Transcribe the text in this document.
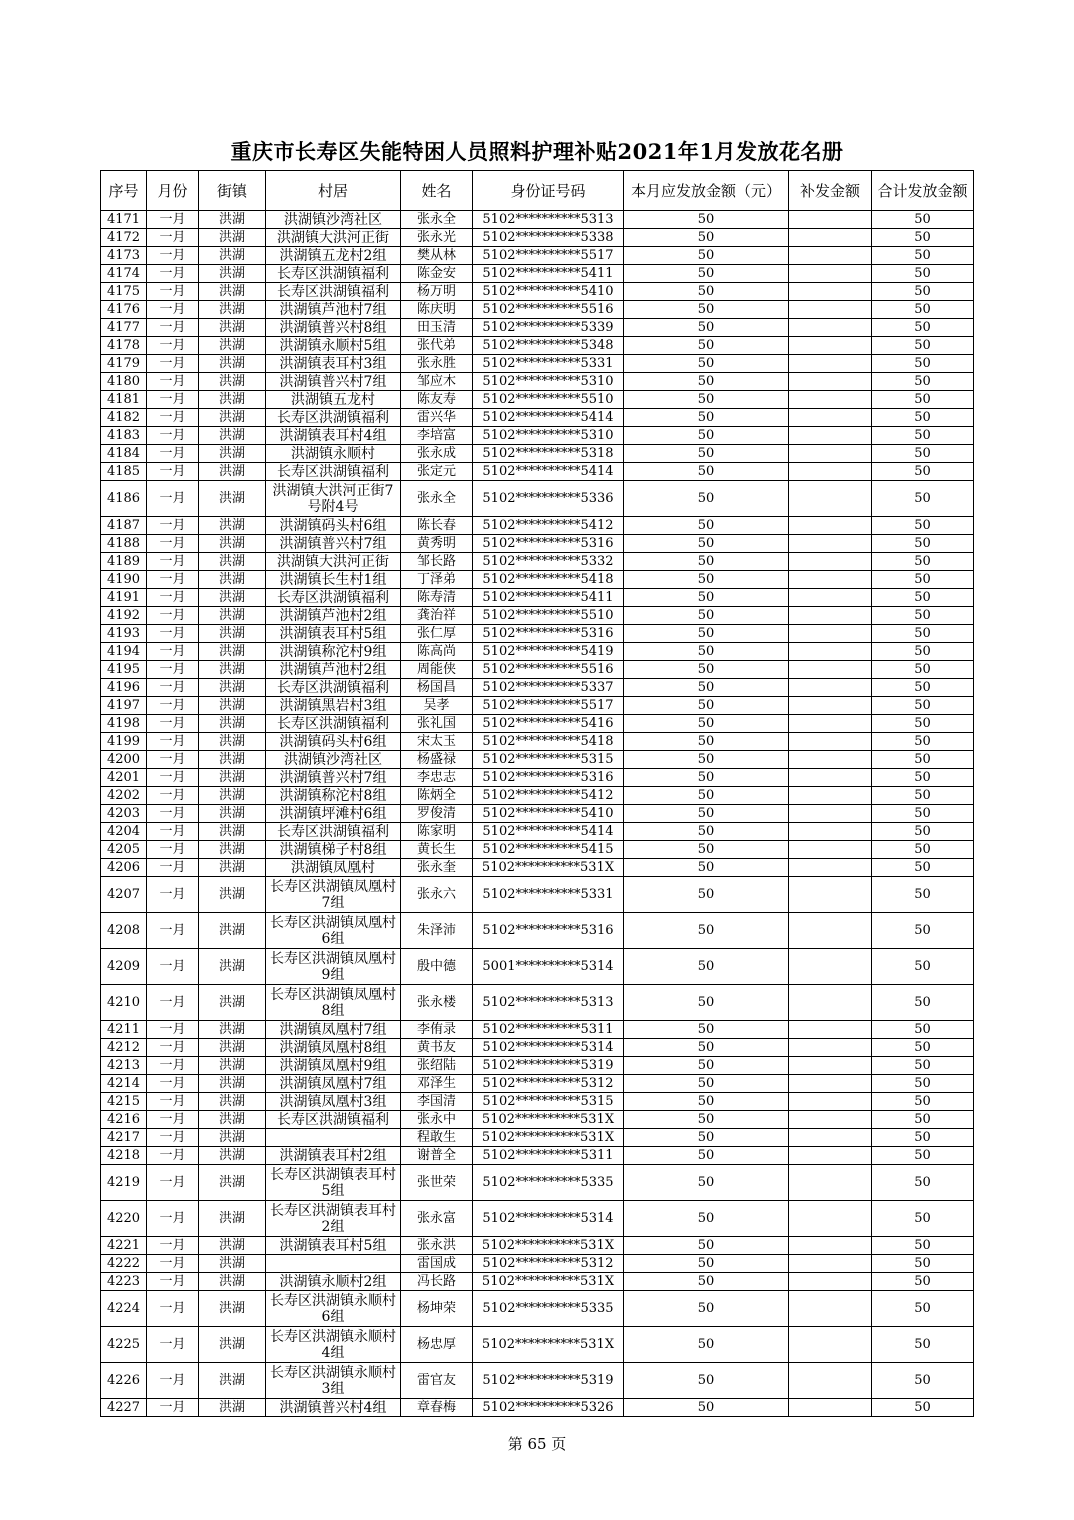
重庆市长寿区失能特困人员照料护理补贴2021年1月发放花名册
序号	月份	街镇	村居	姓名	身份证号码	本月应发放金额（元）	补发金额	合计发放金额
4171	一月	洪湖	洪湖镇沙湾社区	张永全	5102**********5313	50		50
4172	一月	洪湖	洪湖镇大洪河正街	张永光	5102**********5338	50		50
4173	一月	洪湖	洪湖镇五龙村2组	樊从林	5102**********5517	50		50
4174	一月	洪湖	长寿区洪湖镇福利	陈金安	5102**********5411	50		50
4175	一月	洪湖	长寿区洪湖镇福利	杨万明	5102**********5410	50		50
4176	一月	洪湖	洪湖镇芦池村7组	陈庆明	5102**********5516	50		50
4177	一月	洪湖	洪湖镇普兴村8组	田玉清	5102**********5339	50		50
4178	一月	洪湖	洪湖镇永顺村5组	张代弟	5102**********5348	50		50
4179	一月	洪湖	洪湖镇表耳村3组	张永胜	5102**********5331	50		50
4180	一月	洪湖	洪湖镇普兴村7组	邹应木	5102**********5310	50		50
4181	一月	洪湖	洪湖镇五龙村	陈友寿	5102**********5510	50		50
4182	一月	洪湖	长寿区洪湖镇福利	雷兴华	5102**********5414	50		50
4183	一月	洪湖	洪湖镇表耳村4组	李培富	5102**********5310	50		50
4184	一月	洪湖	洪湖镇永顺村	张永成	5102**********5318	50		50
4185	一月	洪湖	长寿区洪湖镇福利	张定元	5102**********5414	50		50
4186	一月	洪湖	洪湖镇大洪河正街7号附4号	张永全	5102**********5336	50		50
4187	一月	洪湖	洪湖镇码头村6组	陈长春	5102**********5412	50		50
4188	一月	洪湖	洪湖镇普兴村7组	黄秀明	5102**********5316	50		50
4189	一月	洪湖	洪湖镇大洪河正街	邹长路	5102**********5332	50		50
4190	一月	洪湖	洪湖镇长生村1组	丁泽弟	5102**********5418	50		50
4191	一月	洪湖	长寿区洪湖镇福利	陈寿清	5102**********5411	50		50
4192	一月	洪湖	洪湖镇芦池村2组	龚治祥	5102**********5510	50		50
4193	一月	洪湖	洪湖镇表耳村5组	张仁厚	5102**********5316	50		50
4194	一月	洪湖	洪湖镇称沱村9组	陈高尚	5102**********5419	50		50
4195	一月	洪湖	洪湖镇芦池村2组	周能侠	5102**********5516	50		50
4196	一月	洪湖	长寿区洪湖镇福利	杨国昌	5102**********5337	50		50
4197	一月	洪湖	洪湖镇黑岩村3组	吴孝	5102**********5517	50		50
4198	一月	洪湖	长寿区洪湖镇福利	张礼国	5102**********5416	50		50
4199	一月	洪湖	洪湖镇码头村6组	宋太玉	5102**********5418	50		50
4200	一月	洪湖	洪湖镇沙湾社区	杨盛禄	5102**********5315	50		50
4201	一月	洪湖	洪湖镇普兴村7组	李忠志	5102**********5316	50		50
4202	一月	洪湖	洪湖镇称沱村8组	陈炳全	5102**********5412	50		50
4203	一月	洪湖	洪湖镇坪滩村6组	罗俊清	5102**********5410	50		50
4204	一月	洪湖	长寿区洪湖镇福利	陈家明	5102**********5414	50		50
4205	一月	洪湖	洪湖镇梯子村8组	黄长生	5102**********5415	50		50
4206	一月	洪湖	洪湖镇凤凰村	张永奎	5102**********531X	50		50
4207	一月	洪湖	长寿区洪湖镇凤凰村7组	张永六	5102**********5331	50		50
4208	一月	洪湖	长寿区洪湖镇凤凰村6组	朱泽沛	5102**********5316	50		50
4209	一月	洪湖	长寿区洪湖镇凤凰村9组	殷中德	5001**********5314	50		50
4210	一月	洪湖	长寿区洪湖镇凤凰村8组	张永楼	5102**********5313	50		50
4211	一月	洪湖	洪湖镇凤凰村7组	李侑录	5102**********5311	50		50
4212	一月	洪湖	洪湖镇凤凰村8组	黄书友	5102**********5314	50		50
4213	一月	洪湖	洪湖镇凤凰村9组	张绍陆	5102**********5319	50		50
4214	一月	洪湖	洪湖镇凤凰村7组	邓泽生	5102**********5312	50		50
4215	一月	洪湖	洪湖镇凤凰村3组	李国清	5102**********5315	50		50
4216	一月	洪湖	长寿区洪湖镇福利	张永中	5102**********531X	50		50
4217	一月	洪湖		程敢生	5102**********531X	50		50
4218	一月	洪湖	洪湖镇表耳村2组	谢普全	5102**********5311	50		50
4219	一月	洪湖	长寿区洪湖镇表耳村5组	张世荣	5102**********5335	50		50
4220	一月	洪湖	长寿区洪湖镇表耳村2组	张永富	5102**********5314	50		50
4221	一月	洪湖	洪湖镇表耳村5组	张永洪	5102**********531X	50		50
4222	一月	洪湖		雷国成	5102**********5312	50		50
4223	一月	洪湖	洪湖镇永顺村2组	冯长路	5102**********531X	50		50
4224	一月	洪湖	长寿区洪湖镇永顺村6组	杨坤荣	5102**********5335	50		50
4225	一月	洪湖	长寿区洪湖镇永顺村4组	杨忠厚	5102**********531X	50		50
4226	一月	洪湖	长寿区洪湖镇永顺村3组	雷官友	5102**********5319	50		50
4227	一月	洪湖	洪湖镇普兴村4组	章春梅	5102**********5326	50		50
第 65 页
